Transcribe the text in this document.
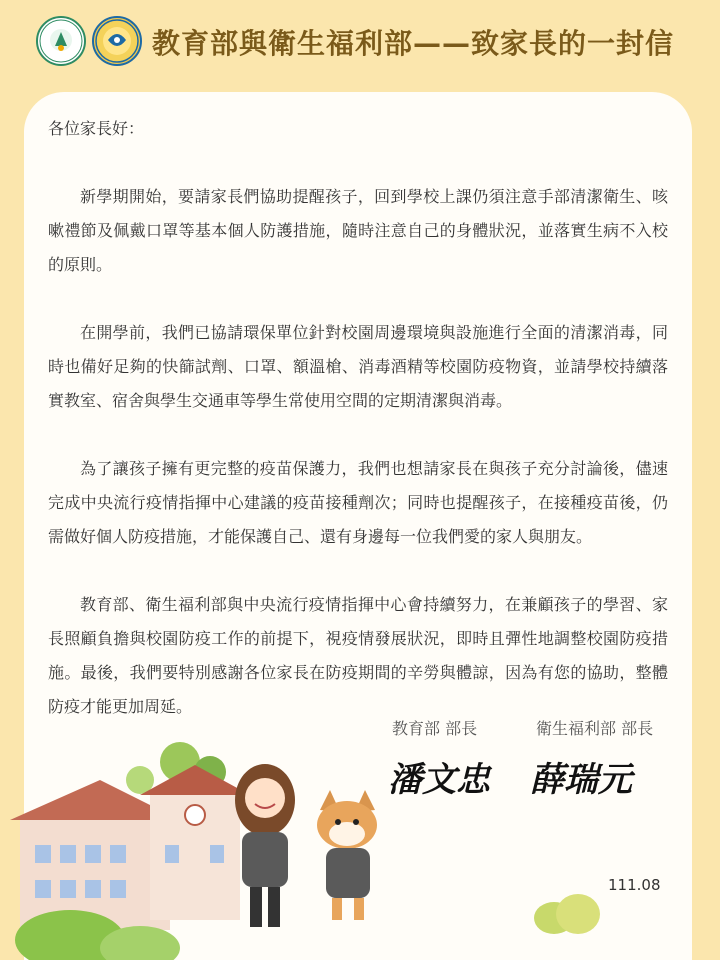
教育部與衛生福利部——致家長的一封信

各位家長好：

新學期開始，要請家長們協助提醒孩子，回到學校上課仍須注意手部清潔衛生、咳嗽禮節及佩戴口罩等基本個人防護措施，隨時注意自己的身體狀況，並落實生病不入校的原則。

在開學前，我們已協請環保單位針對校園周邊環境與設施進行全面的清潔消毒，同時也備好足夠的快篩試劑、口罩、額溫槍、消毒酒精等校園防疫物資，並請學校持續落實教室、宿舍與學生交通車等學生常使用空間的定期清潔與消毒。

為了讓孩子擁有更完整的疫苗保護力，我們也想請家長在與孩子充分討論後，儘速完成中央流行疫情指揮中心建議的疫苗接種劑次；同時也提醒孩子，在接種疫苗後，仍需做好個人防疫措施，才能保護自己、還有身邊每一位我們愛的家人與朋友。

教育部、衛生福利部與中央流行疫情指揮中心會持續努力，在兼顧孩子的學習、家長照顧負擔與校園防疫工作的前提下，視疫情發展狀況，即時且彈性地調整校園防疫措施。最後，我們要特別感謝各位家長在防疫期間的辛勞與體諒，因為有您的協助，整體防疫才能更加周延。

教育部 部長	衛生福利部 部長
潘文忠 薛瑞元
111.08
